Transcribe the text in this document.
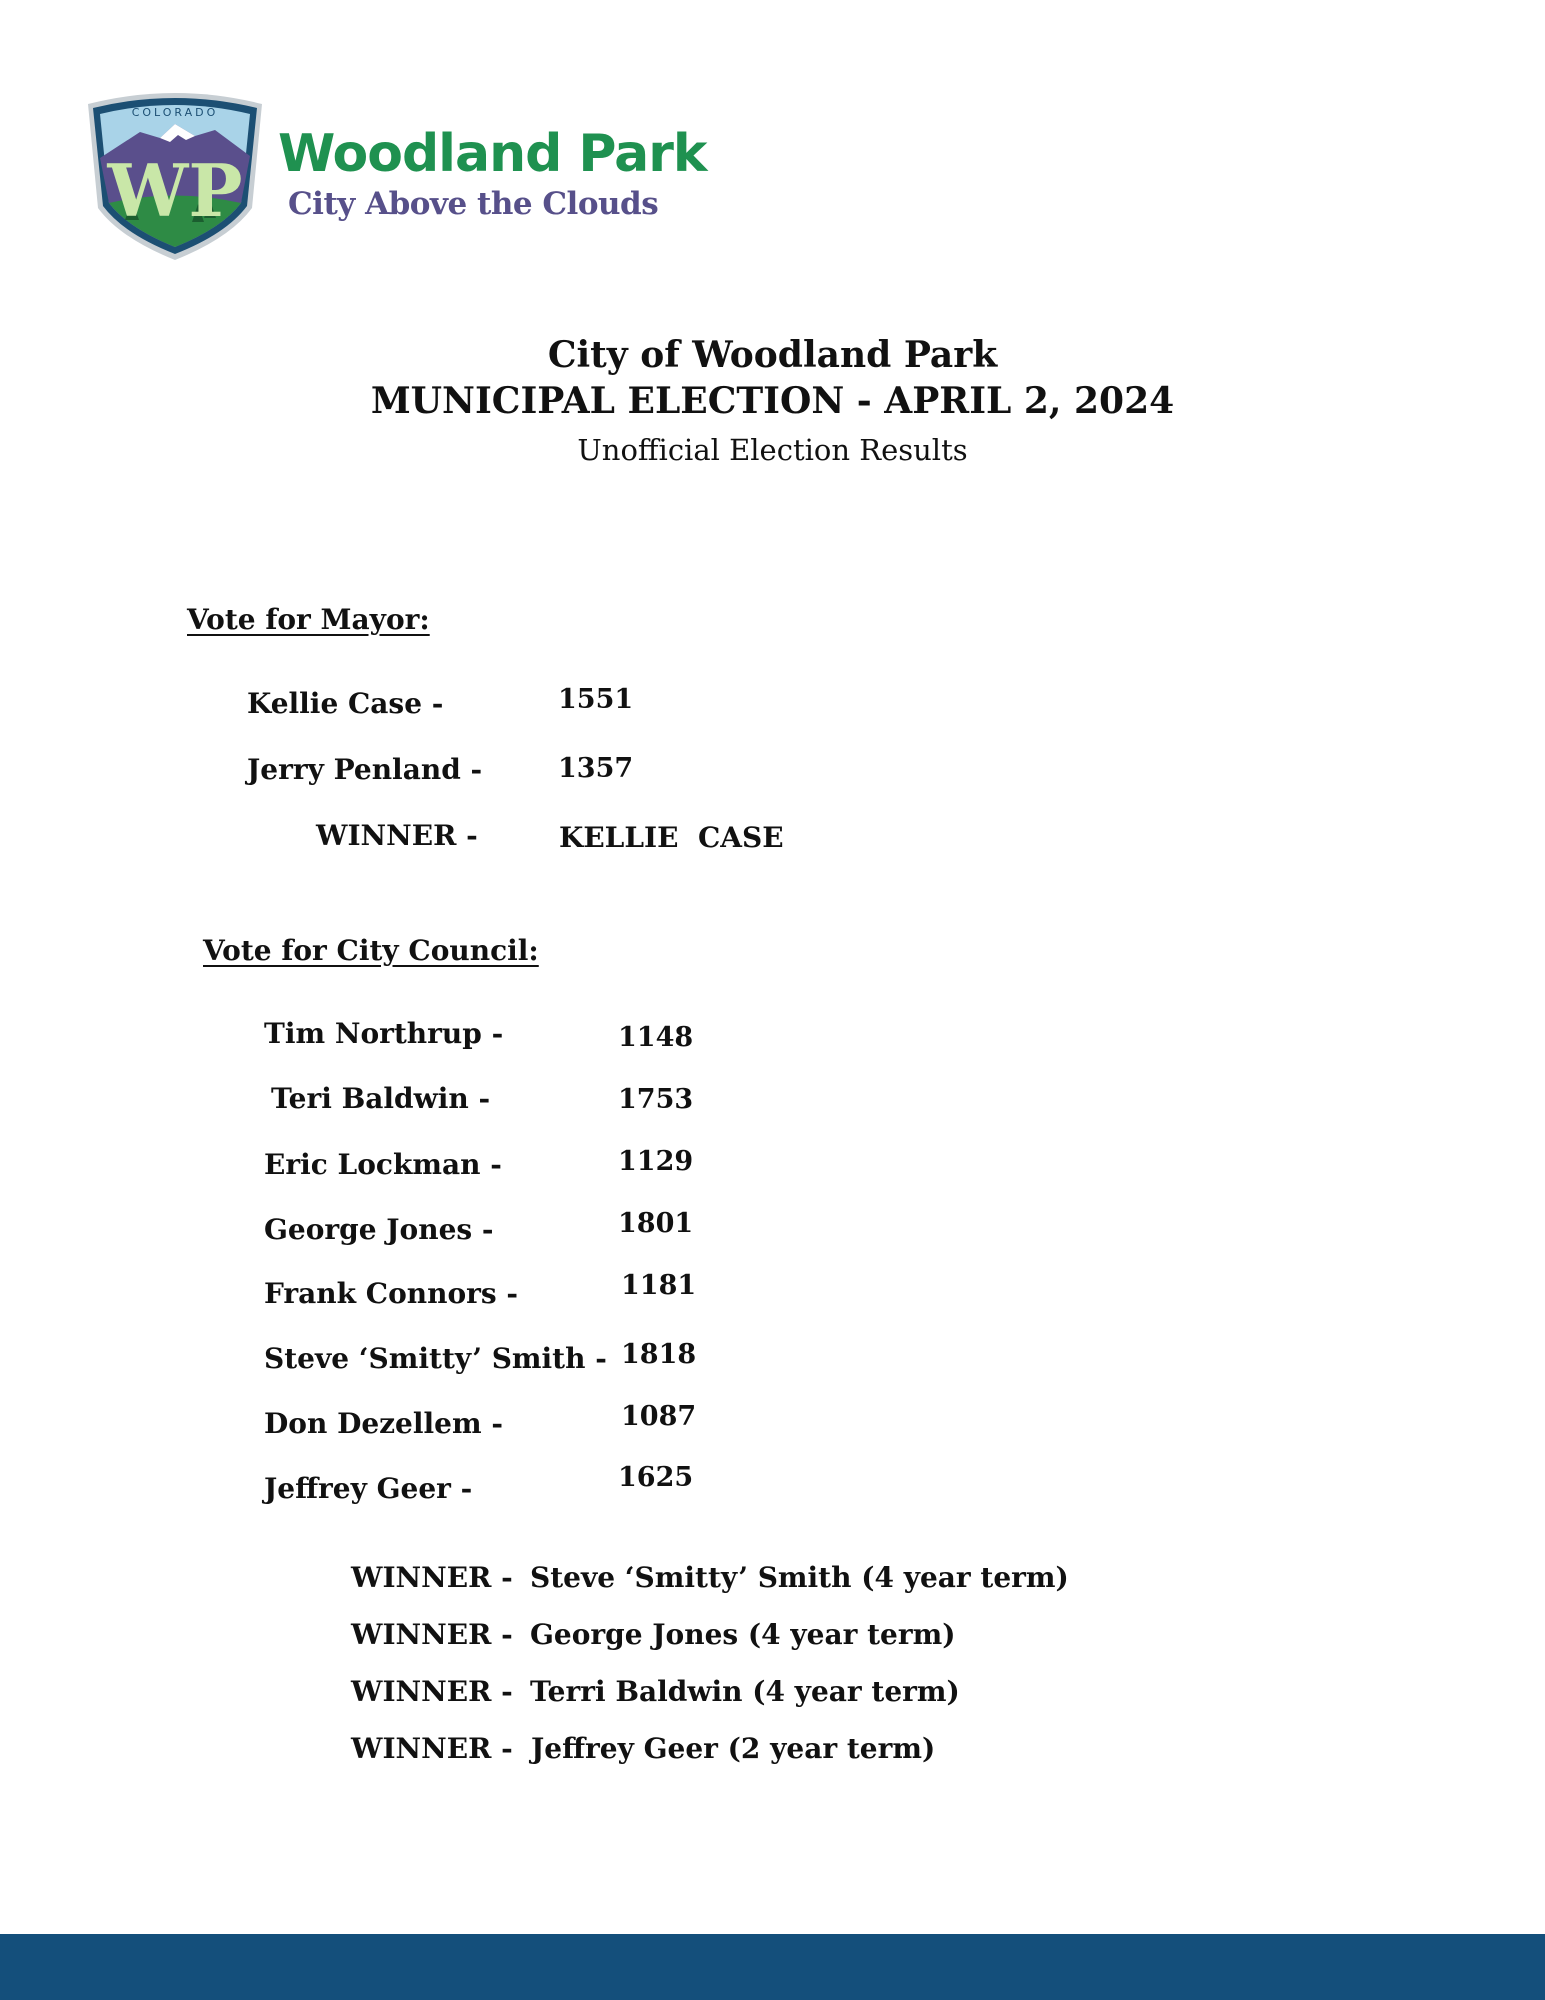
COLORADO
WP Woodland Park
City Above the Clouds
City of Woodland Park
MUNICIPAL ELECTION - APRIL 2, 2024
Unofficial Election Results
Vote for Mayor:
Kellie Case -	1551
Jerry Penland -	1357
WINNER -	KELLIE  CASE
Vote for City Council:
Tim Northrup -	1148
Teri Baldwin -	1753
Eric Lockman -	1129
George Jones -	1801
Frank Connors -	1181
Steve ‘Smitty’ Smith - 1818
Don Dezellem -	1087
Jeffrey Geer -	1625
WINNER - Steve ‘Smitty’ Smith (4 year term)
WINNER - George Jones (4 year term)
WINNER - Terri Baldwin (4 year term)
WINNER - Jeffrey Geer (2 year term)
